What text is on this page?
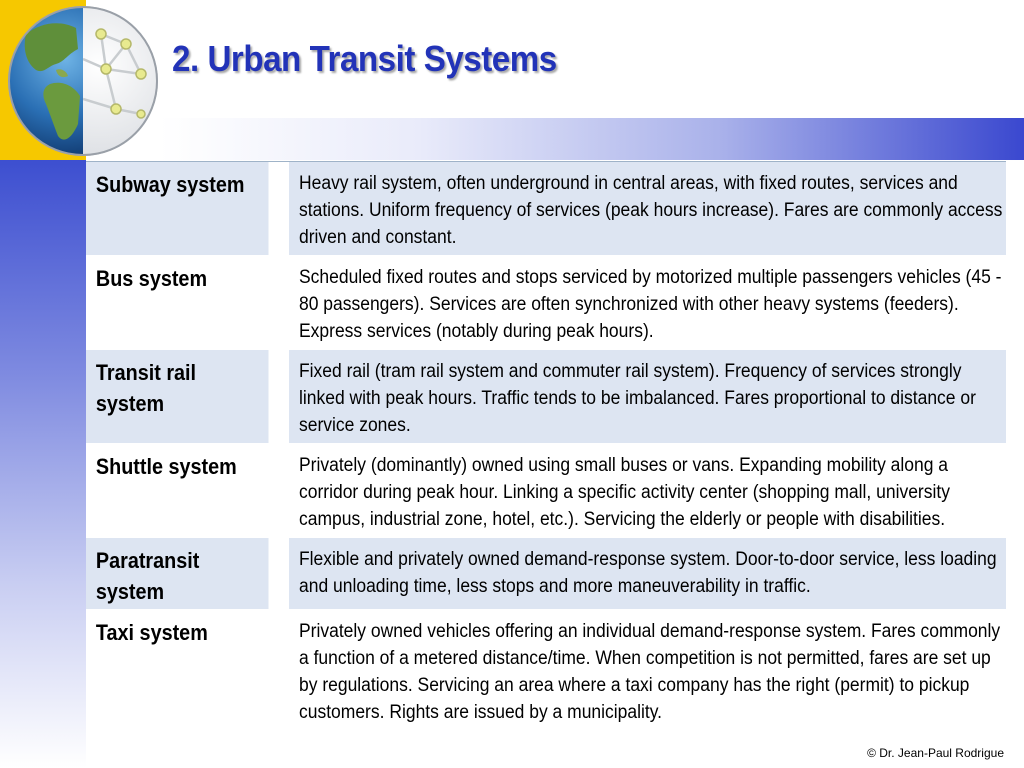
2. Urban Transit Systems
Subway system	Heavy rail system, often underground in central areas, with fixed routes, services and stations. Uniform frequency of services (peak hours increase). Fares are commonly access driven and constant.
Bus system	Scheduled fixed routes and stops serviced by motorized multiple passengers vehicles (45 - 80 passengers). Services are often synchronized with other heavy systems (feeders). Express services (notably during peak hours).
Transit rail system	Fixed rail (tram rail system and commuter rail system). Frequency of services strongly linked with peak hours. Traffic tends to be imbalanced. Fares proportional to distance or service zones.
Shuttle system	Privately (dominantly) owned using small buses or vans. Expanding mobility along a corridor during peak hour. Linking a specific activity center (shopping mall, university campus, industrial zone, hotel, etc.). Servicing the elderly or people with disabilities.
Paratransit system	Flexible and privately owned demand-response system. Door-to-door service, less loading and unloading time, less stops and more maneuverability in traffic.
Taxi system	Privately owned vehicles offering an individual demand-response system. Fares commonly a function of a metered distance/time. When competition is not permitted, fares are set up by regulations. Servicing an area where a taxi company has the right (permit) to pickup customers. Rights are issued by a municipality.
© Dr. Jean-Paul Rodrigue
